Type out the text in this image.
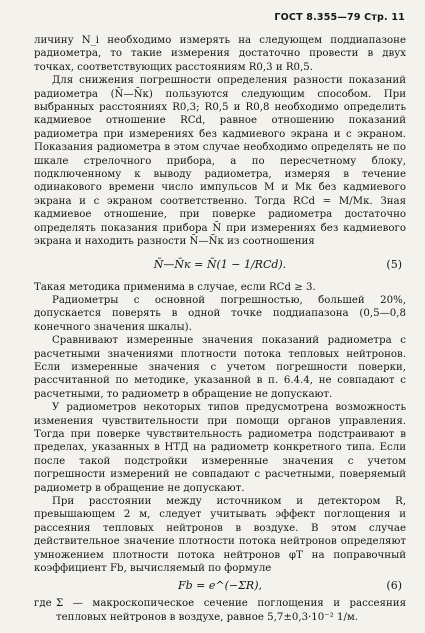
ГОСТ 8.355—79 Стр. 11

личину N_i необходимо измерять на следующем поддиапазоне радиометра, то такие измерения достаточно провести в двух точках, соответствующих расстояниям R0,3 и R0,5.

Для снижения погрешности определения разности показаний радиометра (N̄—N̄к) пользуются следующим способом. При выбранных расстояниях R0,3; R0,5 и R0,8 необходимо определить кадмиевое отношение RCd, равное отношению показаний радиометра при измерениях без кадмиевого экрана и с экраном. Показания радиометра в этом случае необходимо определять не по шкале стрелочного прибора, а по пересчетному блоку, подключенному к выводу радиометра, измеряя в течение одинакового времени число импульсов M и Mк без кадмиевого экрана и с экраном соответственно. Тогда RCd = M/Mк. Зная кадмиевое отношение, при поверке радиометра достаточно определять показания прибора N̄ при измерениях без кадмиевого экрана и находить разности N̄—N̄к из соотношения

N̄—N̄к = N̄(1 − 1/RCd).	(5)

Такая методика применима в случае, если RCd ≥ 3.

Радиометры с основной погрешностью, большей 20%, допускается поверять в одной точке поддиапазона (0,5—0,8 конечного значения шкалы).

Сравнивают измеренные значения показаний радиометра с расчетными значениями плотности потока тепловых нейтронов. Если измеренные значения с учетом погрешности поверки, рассчитанной по методике, указанной в п. 6.4.4, не совпадают с расчетными, то радиометр в обращение не допускают.

У радиометров некоторых типов предусмотрена возможность изменения чувствительности при помощи органов управления. Тогда при поверке чувствительность радиометра подстраивают в пределах, указанных в НТД на радиометр конкретного типа. Если после такой подстройки измеренные значения с учетом погрешности измерений не совпадают с расчетными, поверяемый радиометр в обращение не допускают.

При расстоянии между источником и детектором R, превышающем 2 м, следует учитывать эффект поглощения и рассеяния тепловых нейтронов в воздухе. В этом случае действительное значение плотности потока нейтронов определяют умножением плотности потока нейтронов φT на поправочный коэффициент Fb, вычисляемый по формуле

Fb = e^(−ΣR),	(6)
где Σ — макроскопическое сечение поглощения и рассеяния тепловых нейтронов в воздухе, равное 5,7±0,3·10⁻² 1/м.
